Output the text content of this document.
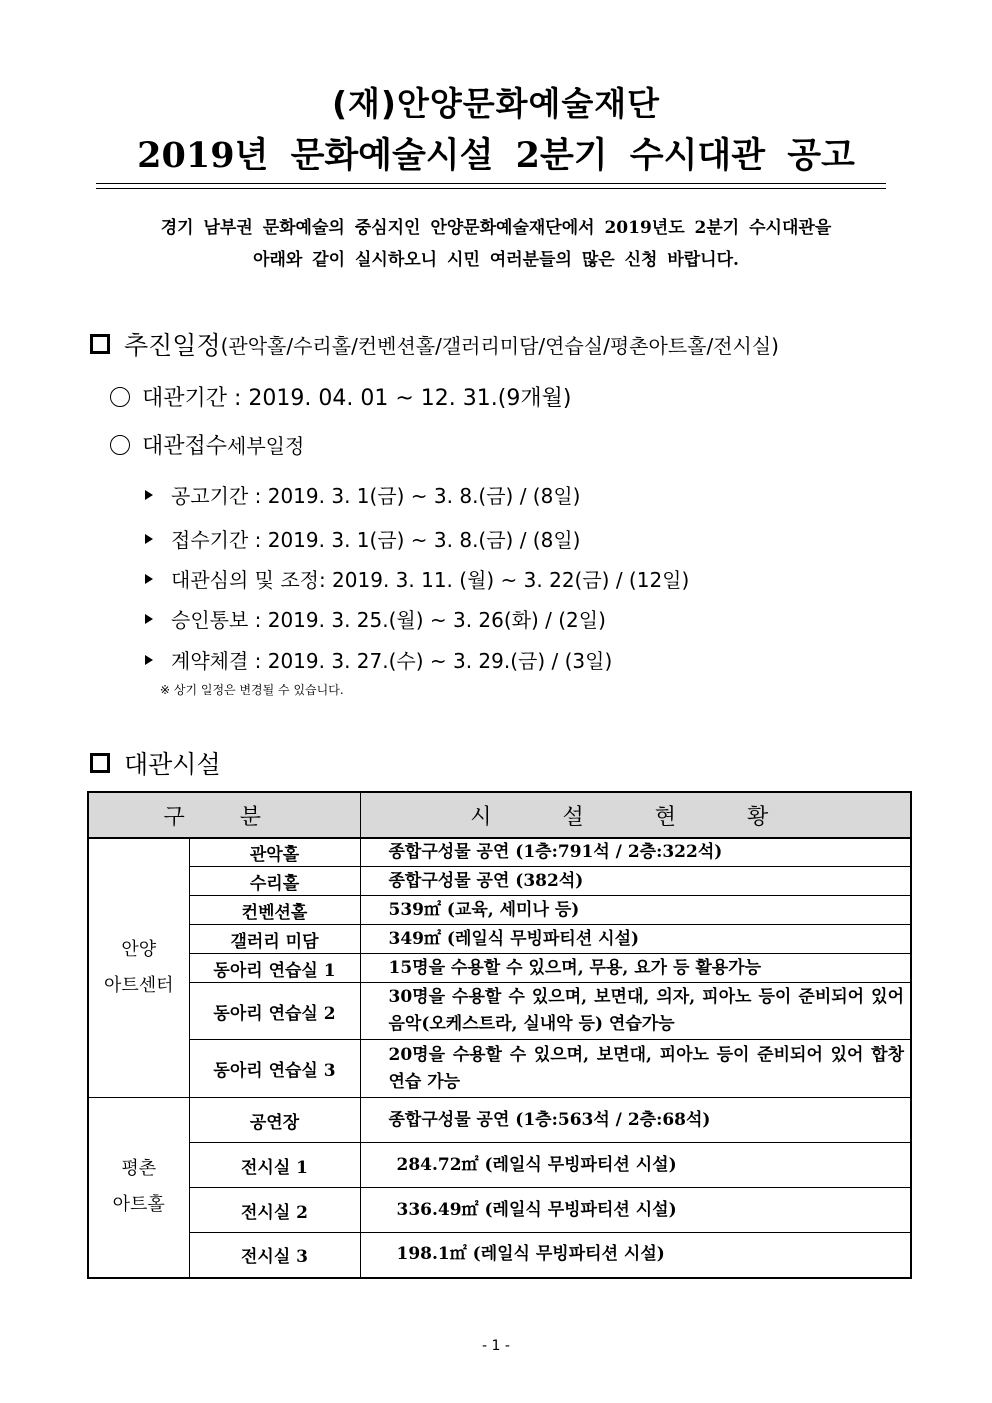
(재)안양문화예술재단
2019년 문화예술시설 2분기 수시대관 공고
경기 남부권 문화예술의 중심지인 안양문화예술재단에서 2019년도 2분기 수시대관을
아래와 같이 실시하오니 시민 여러분들의 많은 신청 바랍니다.
추진일정 (관악홀/수리홀/컨벤션홀/갤러리미담/연습실/평촌아트홀/전시실)
대관기간 : 2019. 04. 01 ~ 12. 31.(9개월)
대관접수 세부일정
공고기간 : 2019. 3. 1(금) ~ 3. 8.(금) / (8일)
접수기간 : 2019. 3. 1(금) ~ 3. 8.(금) / (8일)
대관심의 및 조정: 2019. 3. 11. (월) ~ 3. 22(금) / (12일)
승인통보 : 2019. 3. 25.(월) ~ 3. 26(화) / (2일)
계약체결 : 2019. 3. 27.(수) ~ 3. 29.(금) / (3일)
※ 상기 일정은 변경될 수 있습니다.
대관시설
구 분		시 설 현 황

안양
아트센터	관악홀	종합구성물 공연 (1층:791석 / 2층:322석)
	수리홀	종합구성물 공연 (382석)
	컨벤션홀	539㎡ (교육, 세미나 등)
	갤러리 미담	349㎡ (레일식 무빙파티션 시설)
	동아리 연습실 1	15명을 수용할 수 있으며, 무용, 요가 등 활용가능
	동아리 연습실 2	30명을 수용할 수 있으며, 보면대, 의자, 피아노 등이 준비되어 있어 음악(오케스트라, 실내악 등) 연습가능
	동아리 연습실 3	20명을 수용할 수 있으며, 보면대, 피아노 등이 준비되어 있어 합창 연습 가능

평촌
아트홀	공연장	종합구성물 공연 (1층:563석 / 2층:68석)
	전시실 1	284.72㎡ (레일식 무빙파티션 시설)
	전시실 2	336.49㎡ (레일식 무빙파티션 시설)
	전시실 3	198.1㎡ (레일식 무빙파티션 시설)
- 1 -
